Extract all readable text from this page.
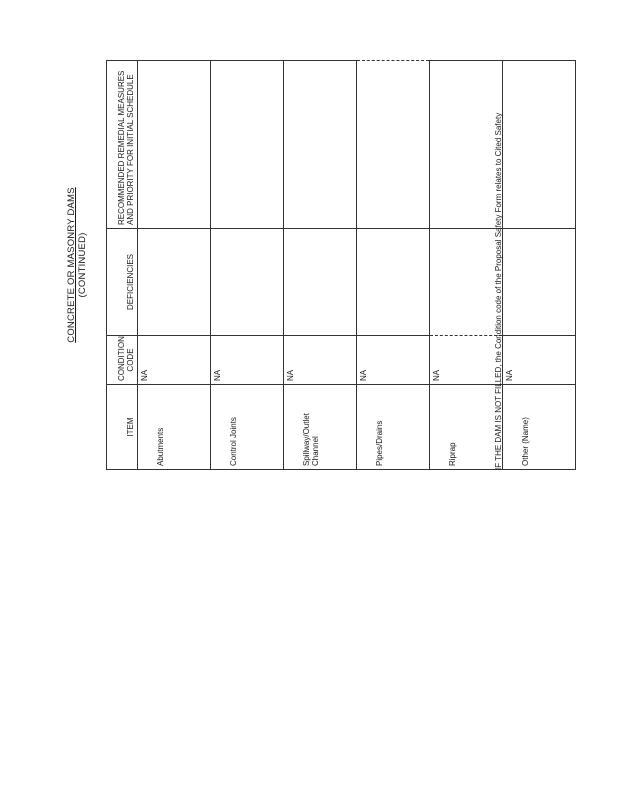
CONCRETE OR MASONRY DAMS (CONTINUED)
ITEM	CONDITION CODE	DEFICIENCIES	RECOMMENDED REMEDIAL MEASURES AND PRIORITY FOR INITIAL SCHEDULE
Abutments	NA		
Control Joints	NA		
Spillway/Outlet Channel	NA		
Pipes/Drains	NA		
Riprap	NA		
Other (Name)	NA		
IF THE DAM IS NOT FILLED, the Condition code of the Proposal Safety Form relates to Cited Safety
